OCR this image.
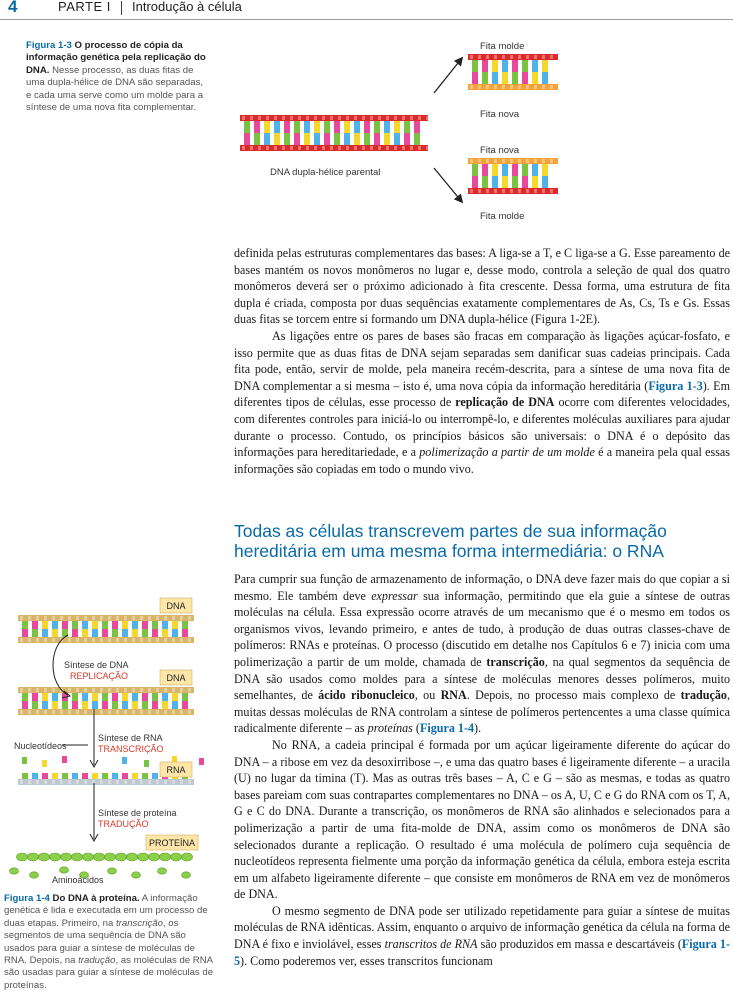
4	PARTE I Introdução à célula
Figura 1-3 O processo de cópia da informação genética pela replicação do DNA. Nesse processo, as duas fitas de uma dupla-hélice de DNA são separadas, e cada uma serve como um molde para a síntese de uma nova fita complementar.
Fita molde
Fita nova
Fita nova
Fita molde
DNA dupla-hélice parental

definida pelas estruturas complementares das bases: A liga-se a T, e C liga-se a G. Esse pareamento de bases mantém os novos monômeros no lugar e, desse modo, controla a seleção de qual dos quatro monômeros deverá ser o próximo adicionado à fita crescente. Dessa forma, uma estrutura de fita dupla é criada, composta por duas sequências exatamente complementares de As, Cs, Ts e Gs. Essas duas fitas se torcem entre si formando um DNA dupla-hélice (Figura 1-2E).

As ligações entre os pares de bases são fracas em comparação às ligações açúcar-fosfato, e isso permite que as duas fitas de DNA sejam separadas sem danificar suas cadeias principais. Cada fita pode, então, servir de molde, pela maneira recém-descrita, para a síntese de uma nova fita de DNA complementar a si mesma – isto é, uma nova cópia da informação hereditária (Figura 1-3). Em diferentes tipos de células, esse processo de replicação de DNA ocorre com diferentes velocidades, com diferentes controles para iniciá-lo ou interrompê-lo, e diferentes moléculas auxiliares para ajudar durante o processo. Contudo, os princípios básicos são universais: o DNA é o depósito das informações para hereditariedade, e a polimerização a partir de um molde é a maneira pela qual essas informações são copiadas em todo o mundo vivo.

Todas as células transcrevem partes de sua informação hereditária em uma mesma forma intermediária: o RNA

Para cumprir sua função de armazenamento de informação, o DNA deve fazer mais do que copiar a si mesmo. Ele também deve expressar sua informação, permitindo que ela guie a síntese de outras moléculas na célula. Essa expressão ocorre através de um mecanismo que é o mesmo em todos os organismos vivos, levando primeiro, e antes de tudo, à produção de duas outras classes-chave de polímeros: RNAs e proteínas. O processo (discutido em detalhe nos Capítulos 6 e 7) inicia com uma polimerização a partir de um molde, chamada de transcrição, na qual segmentos da sequência de DNA são usados como moldes para a síntese de moléculas menores desses polímeros, muito semelhantes, de ácido ribonucleico, ou RNA. Depois, no processo mais complexo de tradução, muitas dessas moléculas de RNA controlam a síntese de polímeros pertencentes a uma classe química radicalmente diferente – as proteínas (Figura 1-4).

No RNA, a cadeia principal é formada por um açúcar ligeiramente diferente do açúcar do DNA – a ribose em vez da desoxirribose –, e uma das quatro bases é ligeiramente diferente – a uracila (U) no lugar da timina (T). Mas as outras três bases – A, C e G – são as mesmas, e todas as quatro bases pareiam com suas contrapartes complementares no DNA – os A, U, C e G do RNA com os T, A, G e C do DNA. Durante a transcrição, os monômeros de RNA são alinhados e selecionados para a polimerização a partir de uma fita-molde de DNA, assim como os monômeros de DNA são selecionados durante a replicação. O resultado é uma molécula de polímero cuja sequência de nucleotídeos representa fielmente uma porção da informação genética da célula, embora esteja escrita em um alfabeto ligeiramente diferente – que consiste em monômeros de RNA em vez de monômeros de DNA.

O mesmo segmento de DNA pode ser utilizado repetidamente para guiar a síntese de muitas moléculas de RNA idênticas. Assim, enquanto o arquivo de informação genética da célula na forma de DNA é fixo e inviolável, esses transcritos de RNA são produzidos em massa e descartáveis (Figura 1-5). Como poderemos ver, esses transcritos funcionam

DNA
DNA
RNA
PROTEÍNA
Síntese de DNA
REPLICAÇÃO
Síntese de RNA
TRANSCRIÇÃO
Síntese de proteína
TRADUÇÃO
Nucleotídeos
Aminoácidos
Figura 1-4 Do DNA à proteína. A informação genética é lida e executada em um processo de duas etapas. Primeiro, na transcrição, os segmentos de uma sequência de DNA são usados para guiar a síntese de moléculas de RNA. Depois, na tradução, as moléculas de RNA são usadas para guiar a síntese de moléculas de proteínas.
